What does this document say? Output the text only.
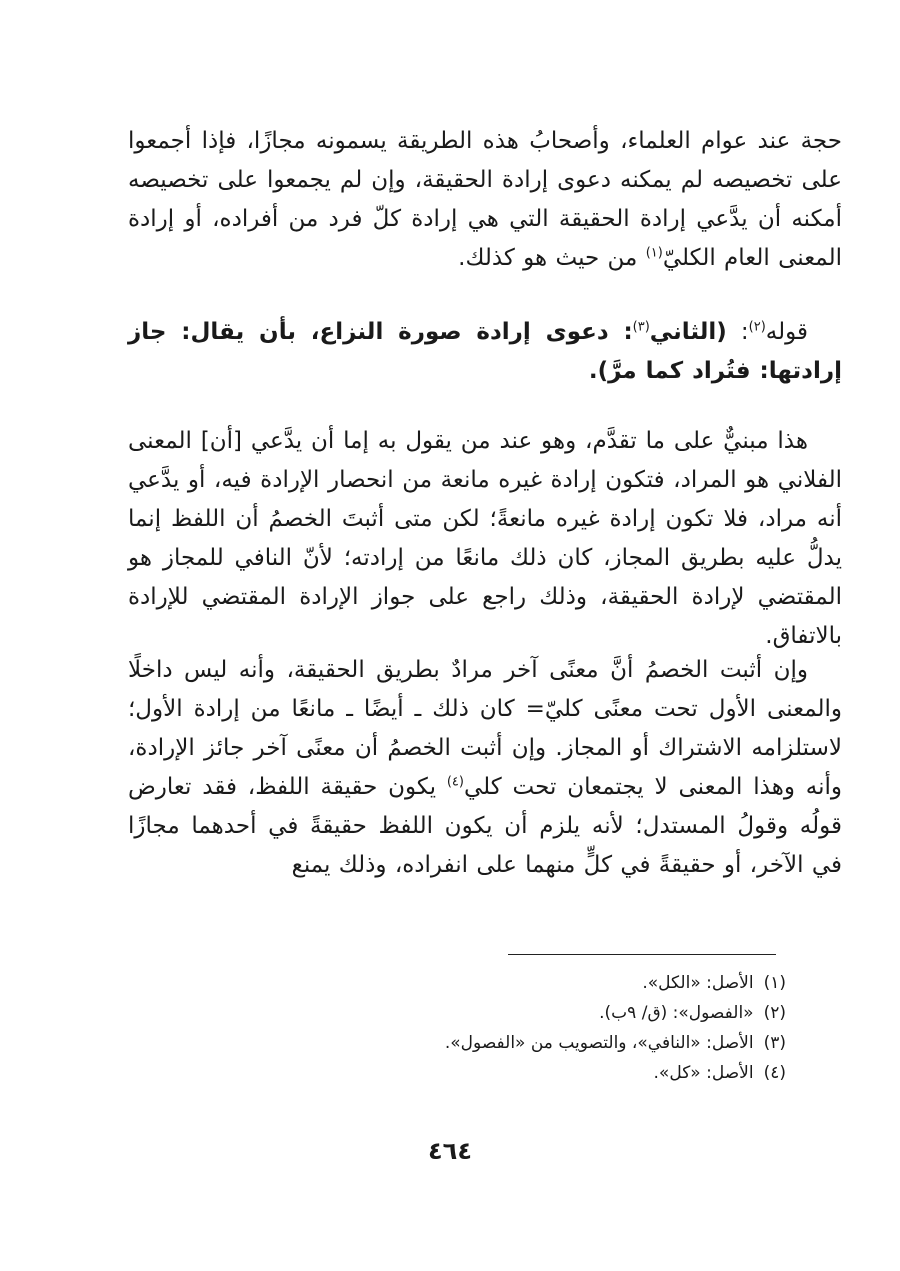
حجة عند عوام العلماء، وأصحابُ هذه الطريقة يسمونه مجازًا، فإذا أجمعوا على تخصيصه لم يمكنه دعوى إرادة الحقيقة، وإن لم يجمعوا على تخصيصه أمكنه أن يدَّعي إرادة الحقيقة التي هي إرادة كلّ فرد من أفراده، أو إرادة المعنى العام الكليّ$^{(١)}$ من حيث هو كذلك.

قوله$^{(٢)}$: (الثاني$^{(٣)}$: دعوى إرادة صورة النزاع، بأن يقال: جاز إرادتها: فتُراد كما مرَّ).

هذا مبنيٌّ على ما تقدَّم، وهو عند من يقول به إما أن يدَّعي [أن] المعنى الفلاني هو المراد، فتكون إرادة غيره مانعة من انحصار الإرادة فيه، أو يدَّعي أنه مراد، فلا تكون إرادة غيره مانعةً؛ لكن متى أثبتَ الخصمُ أن اللفظ إنما يدلُّ عليه بطريق المجاز، كان ذلك مانعًا من إرادته؛ لأنّ النافي للمجاز هو المقتضي لإرادة الحقيقة، وذلك راجع على جواز الإرادة المقتضي للإرادة بالاتفاق.

وإن أثبت الخصمُ أنَّ معنًى آخر مرادٌ بطريق الحقيقة، وأنه ليس داخلًا والمعنى الأول تحت معنًى كليّ= كان ذلك ـ أيضًا ـ مانعًا من إرادة الأول؛ لاستلزامه الاشتراك أو المجاز. وإن أثبت الخصمُ أن معنًى آخر جائز الإرادة، وأنه وهذا المعنى لا يجتمعان تحت كلي$^{(٤)}$ يكون حقيقة اللفظ، فقد تعارض قولُه وقولُ المستدل؛ لأنه يلزم أن يكون اللفظ حقيقةً في أحدهما مجازًا في الآخر، أو حقيقةً في كلٍّ منهما على انفراده، وذلك يمنع

(١)الأصل: «الكل».

(٢)«الفصول»: (ق/ ٩ب).

(٣)الأصل: «النافي»، والتصويب من «الفصول».

(٤)الأصل: «كل».

٤٦٤
